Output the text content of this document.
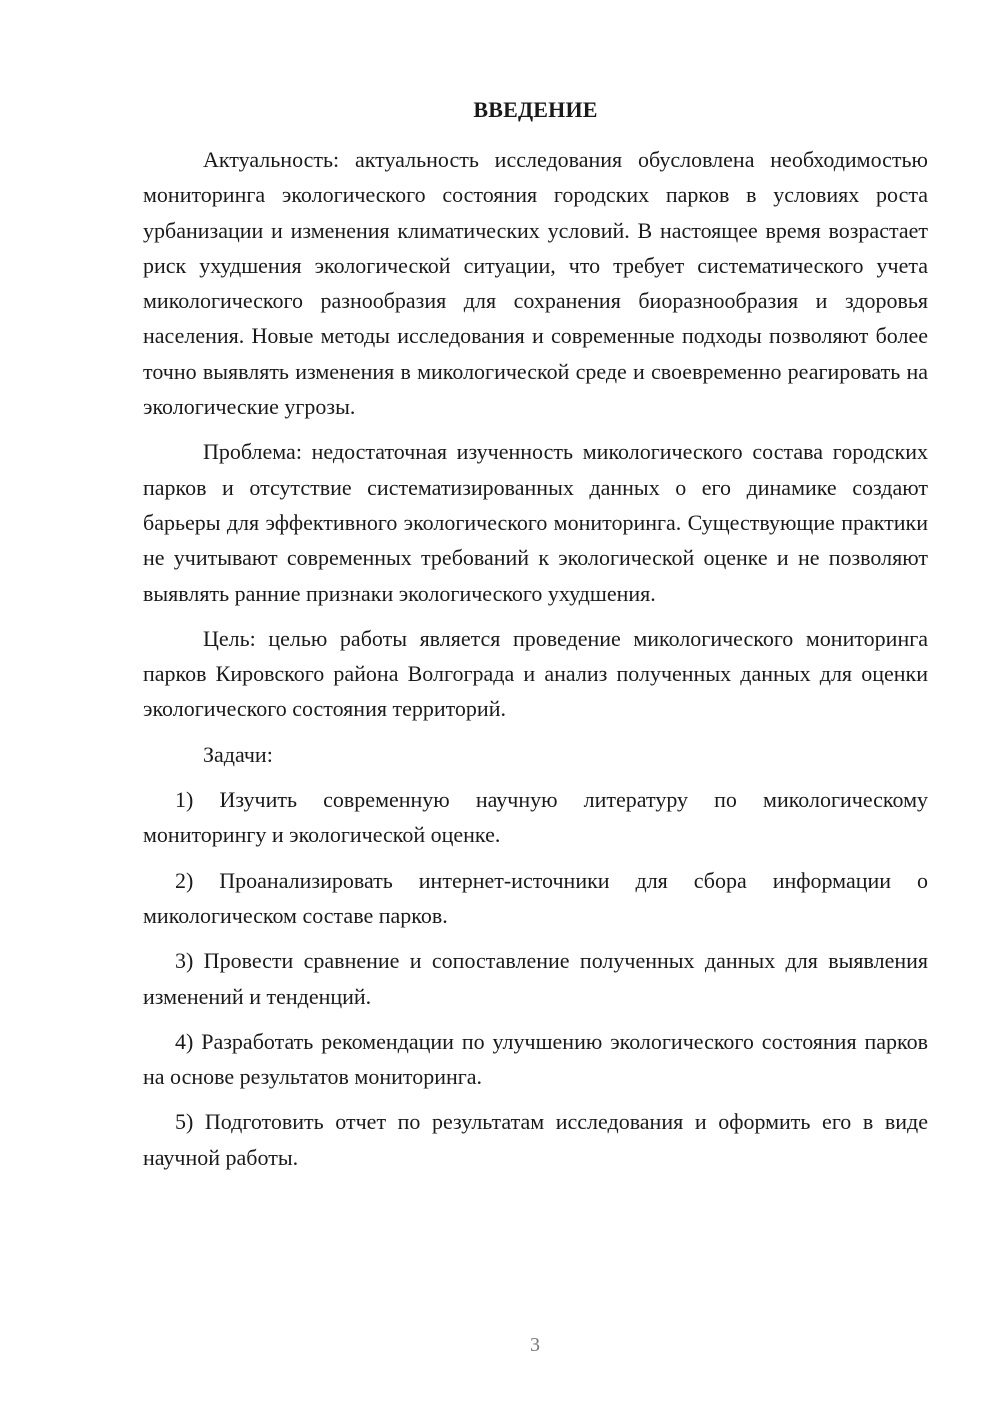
ВВЕДЕНИЕ

Актуальность: актуальность исследования обусловлена необходимостью мониторинга экологического состояния городских парков в условиях роста урбанизации и изменения климатических условий. В настоящее время возрастает риск ухудшения экологической ситуации, что требует систематического учета микологического разнообразия для сохранения биоразнообразия и здоровья населения. Новые методы исследования и современные подходы позволяют более точно выявлять изменения в микологической среде и своевременно реагировать на экологические угрозы.

Проблема: недостаточная изученность микологического состава городских парков и отсутствие систематизированных данных о его динамике создают барьеры для эффективного экологического мониторинга. Существующие практики не учитывают современных требований к экологической оценке и не позволяют выявлять ранние признаки экологического ухудшения.

Цель: целью работы является проведение микологического мониторинга парков Кировского района Волгограда и анализ полученных данных для оценки экологического состояния территорий.

Задачи:

1) Изучить современную научную литературу по микологическому мониторингу и экологической оценке.

2) Проанализировать интернет-источники для сбора информации о микологическом составе парков.

3) Провести сравнение и сопоставление полученных данных для выявления изменений и тенденций.

4) Разработать рекомендации по улучшению экологического состояния парков на основе результатов мониторинга.

5) Подготовить отчет по результатам исследования и оформить его в виде научной работы.

3
